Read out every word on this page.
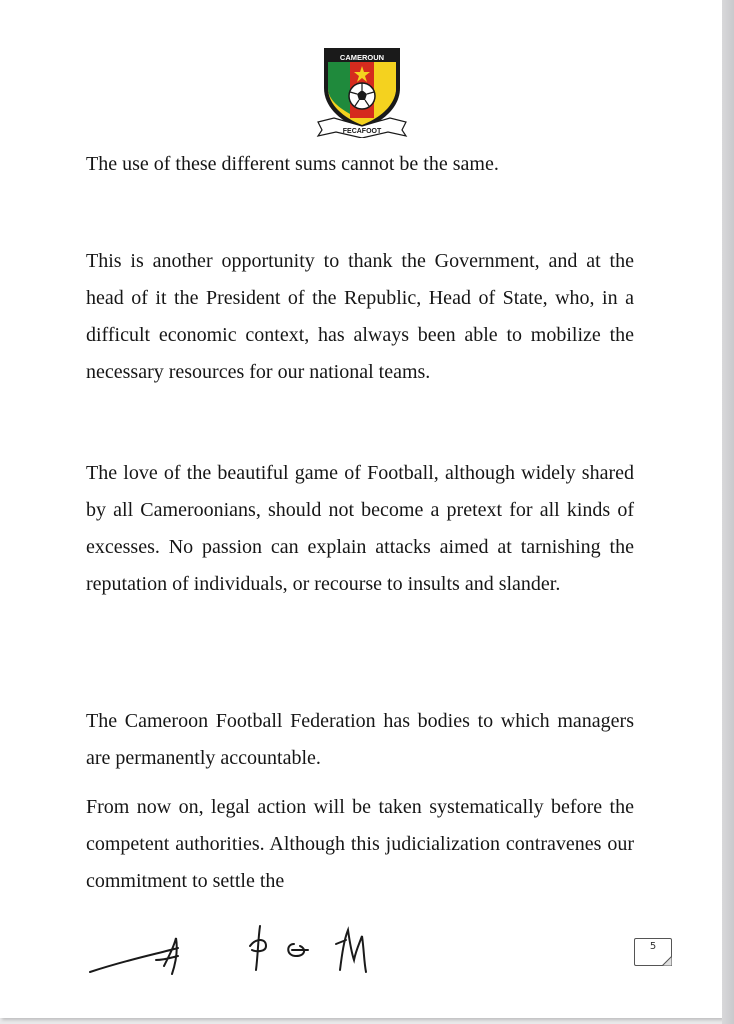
CAMEROUN
FECAFOOT

The use of these different sums cannot be the same.

This is another opportunity to thank the Government, and at the head of it the President of the Republic, Head of State, who, in a difficult economic context, has always been able to mobilize the necessary resources for our national teams.

The love of the beautiful game of Football, although widely shared by all Cameroonians, should not become a pretext for all kinds of excesses. No passion can explain attacks aimed at tarnishing the reputation of individuals, or recourse to insults and slander.

The Cameroon Football Federation has bodies to which managers are permanently accountable.

From now on, legal action will be taken systematically before the competent authorities. Although this judicialization contravenes our commitment to settle the

5
